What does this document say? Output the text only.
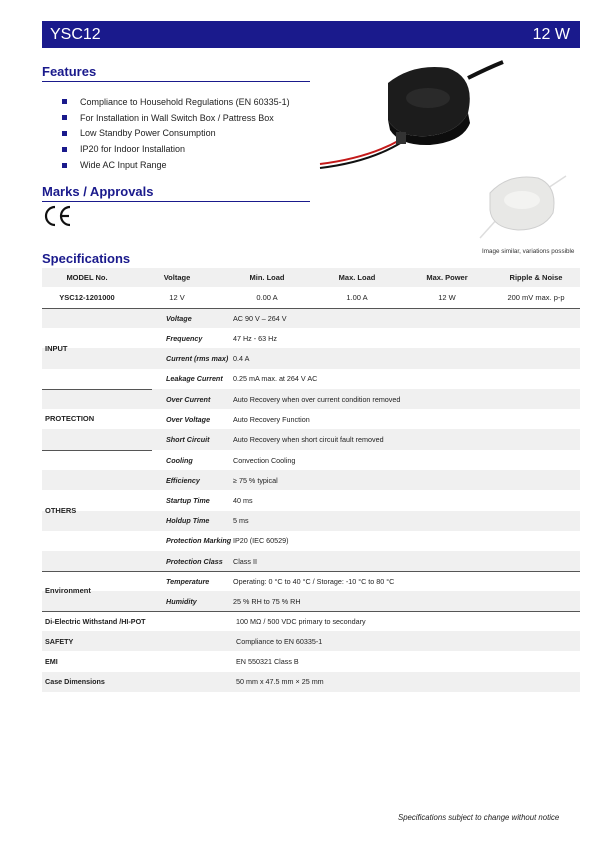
YSC12	12 W
Features
Compliance to Household Regulations (EN 60335-1)
For Installation in Wall Switch Box / Pattress Box
Low Standby Power Consumption
IP20 for Indoor Installation
Wide AC Input Range
Marks / Approvals
Image similar, variations possible
Specifications
MODEL No.	Voltage	Min. Load	Max. Load	Max. Power	Ripple & Noise
YSC12-1201000	12 V	0.00 A	1.00 A	12 W	200 mV max. p-p
INPUT
Voltage	AC 90 V – 264 V
Frequency	47 Hz - 63 Hz
Current (rms max) 0.4 A
Leakage Current	0.25 mA max. at 264 V AC
PROTECTION
Over Current	Auto Recovery when over current condition removed
Over Voltage	Auto Recovery Function
Short Circuit	Auto Recovery when short circuit fault removed
OTHERS
Cooling	Convection Cooling
Efficiency	≥ 75 % typical
Startup Time	40 ms
Holdup Time	5 ms
Protection Marking IP20 (IEC 60529)
Protection Class	Class II
Environment
Temperature	Operating: 0 °C to 40 °C / Storage: -10 °C to 80 °C
Humidity	25 % RH to 75 % RH
Di-Electric Withstand /HI-POT	100 MΩ / 500 VDC primary to secondary
SAFETY	Compliance to EN 60335-1
EMI	EN 550321 Class B
Case Dimensions	50 mm x 47.5 mm × 25 mm
Specifications subject to change without notice
